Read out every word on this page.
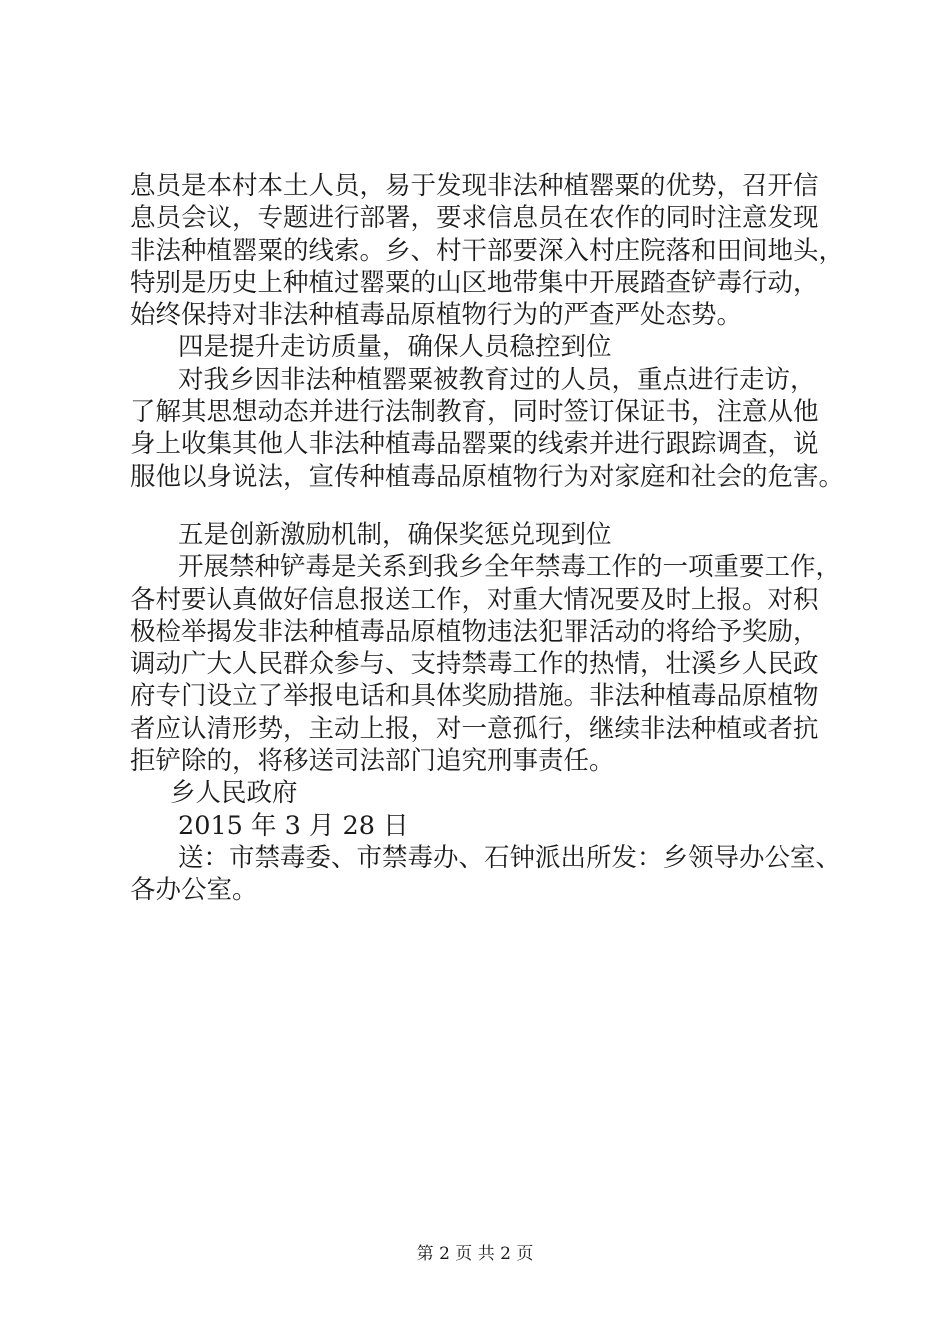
息员是本村本土人员，易于发现非法种植罂粟的优势，召开信
息员会议，专题进行部署，要求信息员在农作的同时注意发现
非法种植罂粟的线索。乡、村干部要深入村庄院落和田间地头，
特别是历史上种植过罂粟的山区地带集中开展踏查铲毒行动，
始终保持对非法种植毒品原植物行为的严查严处态势。
四是提升走访质量，确保人员稳控到位
对我乡因非法种植罂粟被教育过的人员，重点进行走访，
了解其思想动态并进行法制教育，同时签订保证书，注意从他
身上收集其他人非法种植毒品罂粟的线索并进行跟踪调查，说
服他以身说法，宣传种植毒品原植物行为对家庭和社会的危害。
五是创新激励机制，确保奖惩兑现到位
开展禁种铲毒是关系到我乡全年禁毒工作的一项重要工作，
各村要认真做好信息报送工作，对重大情况要及时上报。对积
极检举揭发非法种植毒品原植物违法犯罪活动的将给予奖励，
调动广大人民群众参与、支持禁毒工作的热情，壮溪乡人民政
府专门设立了举报电话和具体奖励措施。非法种植毒品原植物
者应认清形势，主动上报，对一意孤行，继续非法种植或者抗
拒铲除的，将移送司法部门追究刑事责任。
乡人民政府
2015 年 3 月 28 日
送：市禁毒委、市禁毒办、石钟派出所发：乡领导办公室、
各办公室。
第 2 页 共 2 页
